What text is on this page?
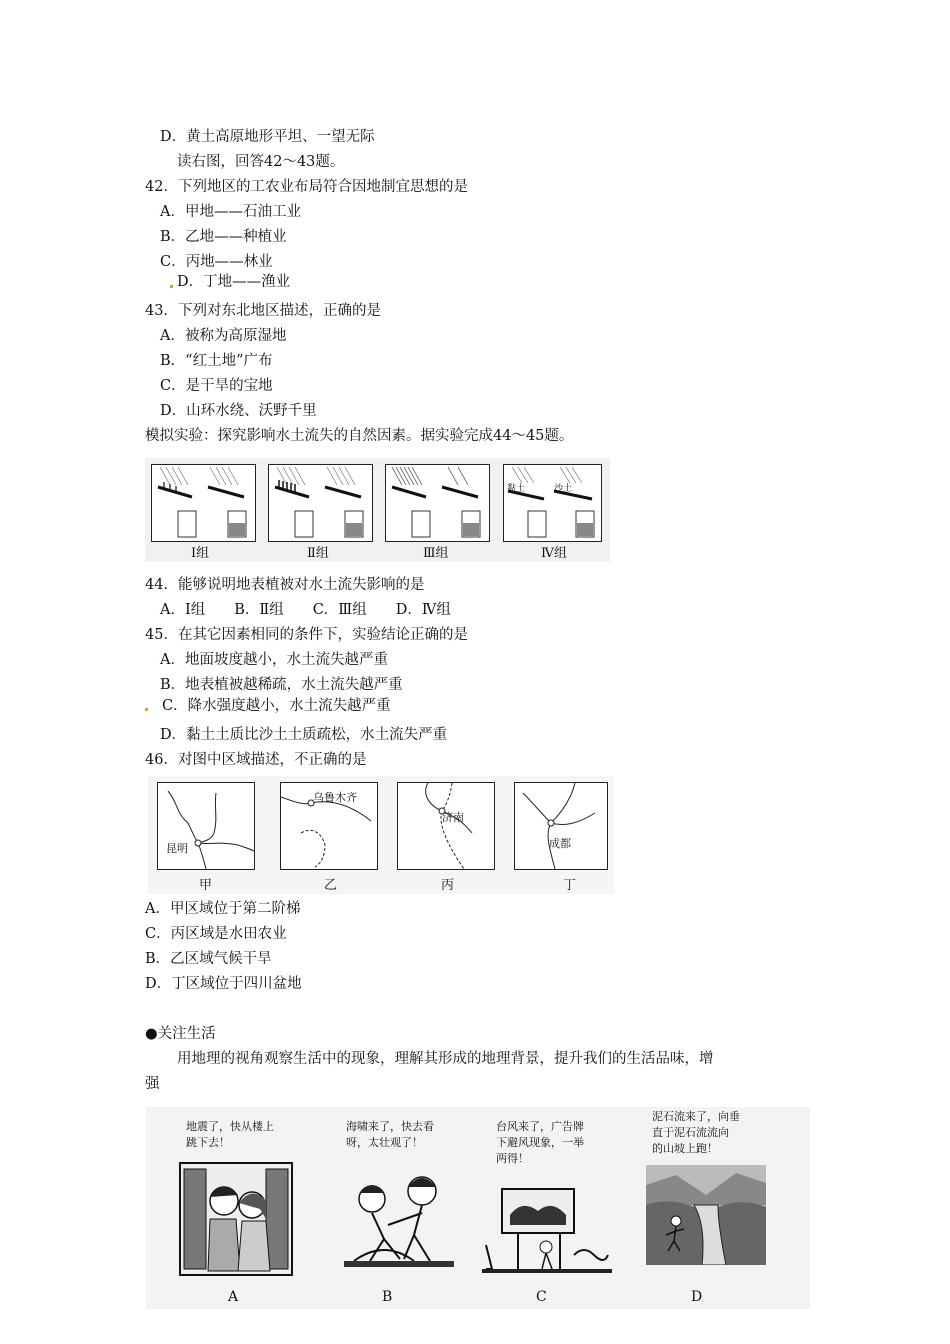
D．黄土高原地形平坦、一望无际
读右图，回答42～43题。
42．下列地区的工农业布局符合因地制宜思想的是
A．甲地——石油工业
B．乙地——种植业
C．丙地——林业
D．丁地——渔业
43．下列对东北地区描述，正确的是
A．被称为高原湿地
B．“红土地”广布
C．是干旱的宝地
D．山环水绕、沃野千里
模拟实验：探究影响水土流失的自然因素。据实验完成44～45题。
Ⅰ组	Ⅱ组	Ⅲ组
黏土	沙土
Ⅳ组
44．能够说明地表植被对水土流失影响的是
A．Ⅰ组　　B．Ⅱ组　　C．Ⅲ组　　D．Ⅳ组
45．在其它因素相同的条件下，实验结论正确的是
A．地面坡度越小，水土流失越严重
B．地表植被越稀疏，水土流失越严重
C．降水强度越小，水土流失越严重
D．黏土土质比沙土土质疏松，水土流失严重
46．对图中区域描述，不正确的是
昆明
乌鲁木齐
济南
成都
甲	乙	丙	丁
A．甲区域位于第二阶梯
C．丙区域是水田农业
B．乙区域气候干旱
D．丁区域位于四川盆地
●关注生活
用地理的视角观察生活中的现象，理解其形成的地理背景，提升我们的生活品味，增
强
地震了，快从楼上
跳下去！
海啸来了，快去看
呀，太壮观了！
台风来了，广告牌
下避风现象，一举
两得！
泥石流来了，向垂
直于泥石流流向
的山坡上跑！
A	B	C	D
